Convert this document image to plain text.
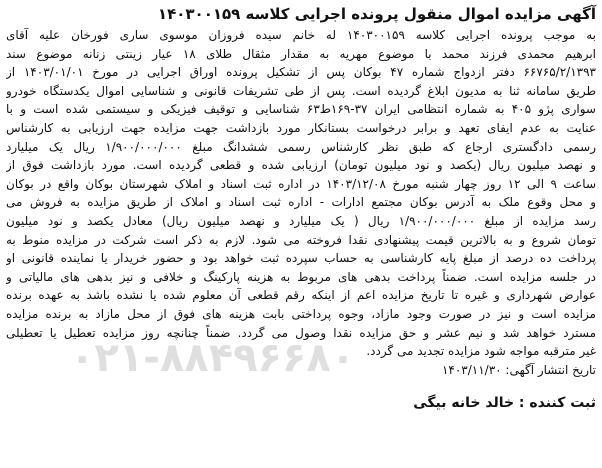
آگهی مزایده اموال منقول پرونده اجرایی کلاسه ۱۴۰۳۰۰۱۵۹
به موجب پرونده اجرایی کلاسه ۱۴۰۳۰۰۱۵۹ له خانم سیده فروزان موسوی ساری فورخان علیه آقای
ابرهیم محمدی فرزند محمد با موضوع مهریه به مقدار مثقال طلای ۱۸ عیار زینتی زنانه موضوع سند
۶۶۷۶۵/۲/۱۳۹۳ دفتر ازدواج شماره ۴۷ بوکان پس از تشکیل پرونده اوراق اجرایی در مورخ ۱۴۰۳/۰۱/۰۱ از
طریق سامانه ثنا به مدیون ابلاغ گردیده است. پس از طی تشریفات قانونی و شناسایی اموال یکدستگاه خودرو
سواری پژو ۴۰۵ به شماره انتظامی ایران ۳۷-۱۶۹ط۶۳ شناسایی و توقیف فیزیکی و سیستمی شده است و با
عنایت به عدم ایفای تعهد و برابر درخواست بستانکار مورد بازداشت جهت مزایده جهت ارزیابی به کارشناس
رسمی دادگستری ارجاع که طبق نظر کارشناس رسمی ششدانگ مبلغ ۱/۹۰۰/۰۰۰/۰۰۰ ریال یک میلیارد
و نهصد میلیون ریال (یکصد و نود میلیون تومان) ارزیابی شده و قطعی گردیده است. مورد بازداشت فوق از
ساعت ۹ الی ۱۲ روز چهار شنبه مورخ ۱۴۰۳/۱۲/۰۸ در اداره ثبت اسناد و املاک شهرستان بوکان واقع در بوکان
و محل وقوع ملک به آدرس بوکان مجتمع ادارات - اداره ثبت اسناد و املاک از طریق مزایده به فروش می
رسد مزایده از مبلغ ۱/۹۰۰/۰۰۰/۰۰۰ ریال ( یک میلیارد و نهصد میلیون ریال) معادل یکصد و نود میلیون
تومان شروع و به بالاترین قیمت پیشنهادی نقدا فروخته می شود. لازم به ذکر است شرکت در مزایده منوط به
پرداخت ده درصد از مبلغ پایه کارشناسی به حساب سپرده ثبت خواهد بود و حضور خریدار یا نماینده قانونی او
در جلسه مزایده است. ضمناً پرداخت بدهی های مربوط به هزینه پارکینگ و خلافی و نیز بدهی های مالیاتی و
عوارض شهرداری و غیره تا تاریخ مزایده اعم از اینکه رقم قطعی آن معلوم شده یا نشده باشد به عهده برنده
مزایده است و نیز در صورت وجود مازاد، وجوه پرداختی بابت هزینه های فوق از محل مازاد به برنده مزایده
مسترد خواهد شد و نیم عشر و حق مزایده نقدا وصول می گردد. ضمناً چنانچه روز مزایده تعطیل یا تعطیلی
غیر مترقبه مواجه شود مزایده تجدید می گردد.
تاریخ انتشار آگهی: ۱۴۰۳/۱۱/۳۰
ثبت کننده : خالد خانه بیگی
۰۲۱-۸۸۴۹۶۶۸۰
